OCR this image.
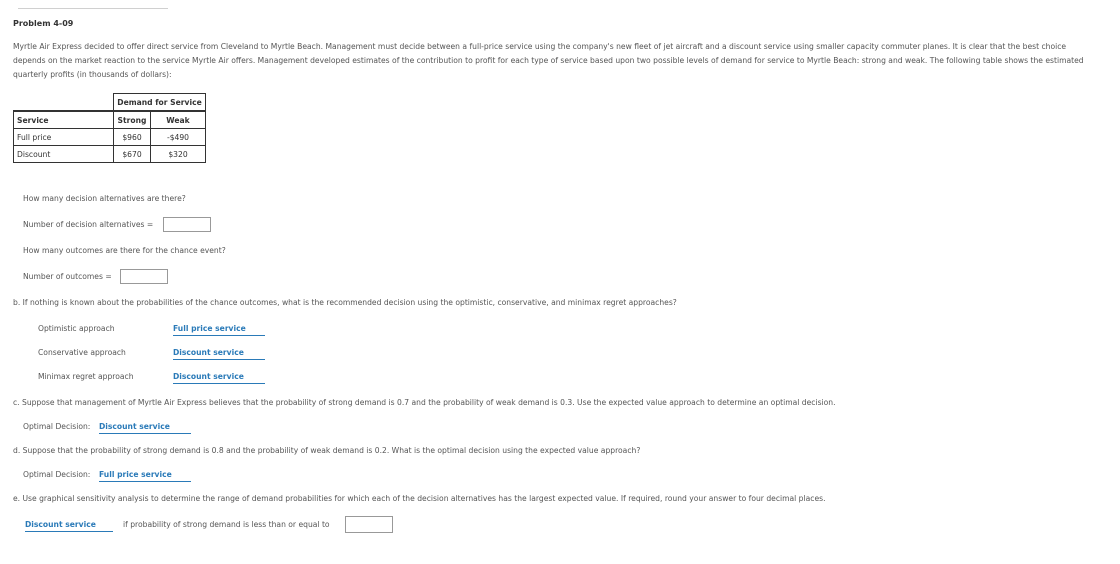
Problem 4-09
Myrtle Air Express decided to offer direct service from Cleveland to Myrtle Beach. Management must decide between a full-price service using the company's new fleet of jet aircraft and a discount service using smaller capacity commuter planes. It is clear that the best choice depends on the market reaction to the service Myrtle Air offers. Management developed estimates of the contribution to profit for each type of service based upon two possible levels of demand for service to Myrtle Beach: strong and weak. The following table shows the estimated quarterly profits (in thousands of dollars):
	Demand for Service	
Service	Strong	Weak
Full price	$960	-$490
Discount	$670	$320
How many decision alternatives are there?
Number of decision alternatives =
How many outcomes are there for the chance event?
Number of outcomes =
b. If nothing is known about the probabilities of the chance outcomes, what is the recommended decision using the optimistic, conservative, and minimax regret approaches?
Optimistic approach	Full price service
Conservative approach	Discount service
Minimax regret approach	Discount service
c. Suppose that management of Myrtle Air Express believes that the probability of strong demand is 0.7 and the probability of weak demand is 0.3. Use the expected value approach to determine an optimal decision.
Optimal Decision: Discount service
d. Suppose that the probability of strong demand is 0.8 and the probability of weak demand is 0.2. What is the optimal decision using the expected value approach?
Optimal Decision: Full price service
e. Use graphical sensitivity analysis to determine the range of demand probabilities for which each of the decision alternatives has the largest expected value. If required, round your answer to four decimal places.
Discount service	if probability of strong demand is less than or equal to
